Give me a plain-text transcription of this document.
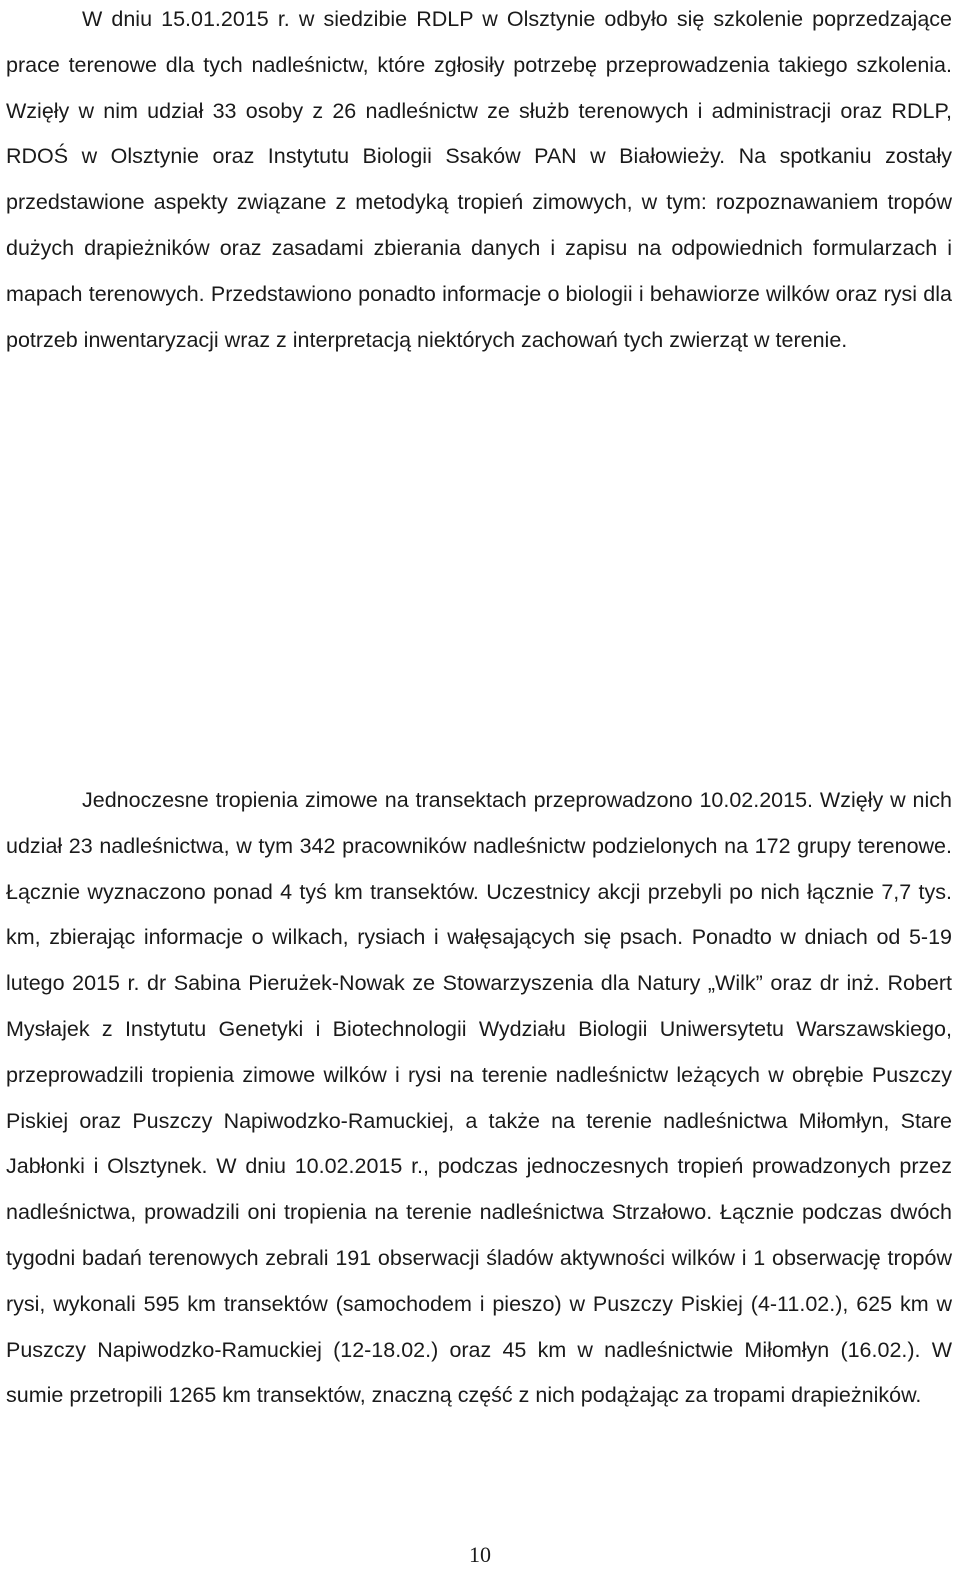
W dniu 15.01.2015 r. w siedzibie RDLP w Olsztynie odbyło się szkolenie poprzedzające prace terenowe dla tych nadleśnictw, które zgłosiły potrzebę przeprowadzenia takiego szkolenia. Wzięły w nim udział 33 osoby z 26 nadleśnictw ze służb terenowych i administracji oraz RDLP, RDOŚ w Olsztynie oraz Instytutu Biologii Ssaków PAN w Białowieży. Na spotkaniu zostały przedstawione aspekty związane z metodyką tropień zimowych, w tym: rozpoznawaniem tropów dużych drapieżników oraz zasadami zbierania danych i zapisu na odpowiednich formularzach i mapach terenowych. Przedstawiono ponadto informacje o biologii i behawiorze wilków oraz rysi dla potrzeb inwentaryzacji wraz z interpretacją niektórych zachowań tych zwierząt w terenie.

Jednoczesne tropienia zimowe na transektach przeprowadzono 10.02.2015. Wzięły w nich udział 23 nadleśnictwa, w tym 342 pracowników nadleśnictw podzielonych na 172 grupy terenowe. Łącznie wyznaczono ponad 4 tyś km transektów. Uczestnicy akcji przebyli po nich łącznie 7,7 tys. km, zbierając informacje o wilkach, rysiach i wałęsających się psach. Ponadto w dniach od 5-19 lutego 2015 r. dr Sabina Pierużek-Nowak ze Stowarzyszenia dla Natury „Wilk” oraz dr inż. Robert Mysłajek z Instytutu Genetyki i Biotechnologii Wydziału Biologii Uniwersytetu Warszawskiego, przeprowadzili tropienia zimowe wilków i rysi na terenie nadleśnictw leżących w obrębie Puszczy Piskiej oraz Puszczy Napiwodzko-Ramuckiej, a także na terenie nadleśnictwa Miłomłyn, Stare Jabłonki i Olsztynek. W dniu 10.02.2015 r., podczas jednoczesnych tropień prowadzonych przez nadleśnictwa, prowadzili oni tropienia na terenie nadleśnictwa Strzałowo. Łącznie podczas dwóch tygodni badań terenowych zebrali 191 obserwacji śladów aktywności wilków i 1 obserwację tropów rysi, wykonali 595 km transektów (samochodem i pieszo) w Puszczy Piskiej (4-11.02.), 625 km w Puszczy Napiwodzko-Ramuckiej (12-18.02.) oraz 45 km w nadleśnictwie Miłomłyn (16.02.). W sumie przetropili 1265 km transektów, znaczną część z nich podążając za tropami drapieżników.

10
